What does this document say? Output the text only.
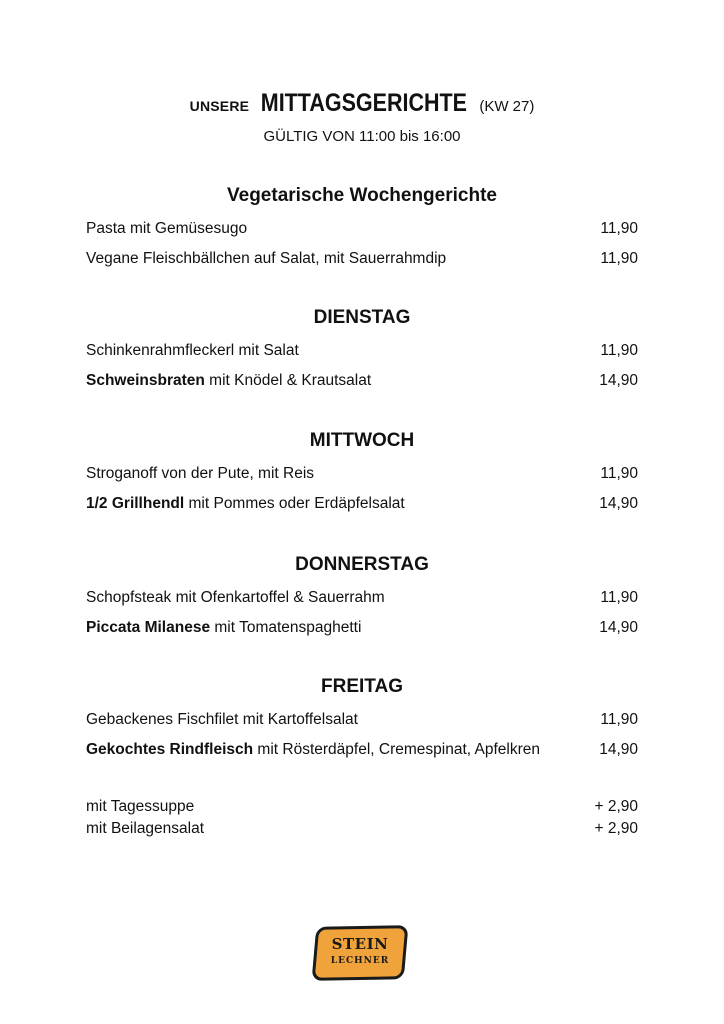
UNSERE MITTAGSGERICHTE (KW 27)
GÜLTIG VON 11:00 bis 16:00
Vegetarische Wochengerichte
Pasta mit Gemüsesugo	11,90
Vegane Fleischbällchen auf Salat, mit Sauerrahmdip	11,90
DIENSTAG
Schinkenrahmfleckerl mit Salat	11,90
Schweinsbraten mit Knödel & Krautsalat	14,90
MITTWOCH
Stroganoff von der Pute, mit Reis	11,90
1/2 Grillhendl mit Pommes oder Erdäpfelsalat	14,90
DONNERSTAG
Schopfsteak mit Ofenkartoffel & Sauerrahm	11,90
Piccata Milanese mit Tomatenspaghetti	14,90
FREITAG
Gebackenes Fischfilet mit Kartoffelsalat	11,90
Gekochtes Rindfleisch mit Rösterdäpfel, Cremespinat, Apfelkren	14,90
mit Tagessuppe	+ 2,90
mit Beilagensalat	+ 2,90
STEIN
LECHNER
